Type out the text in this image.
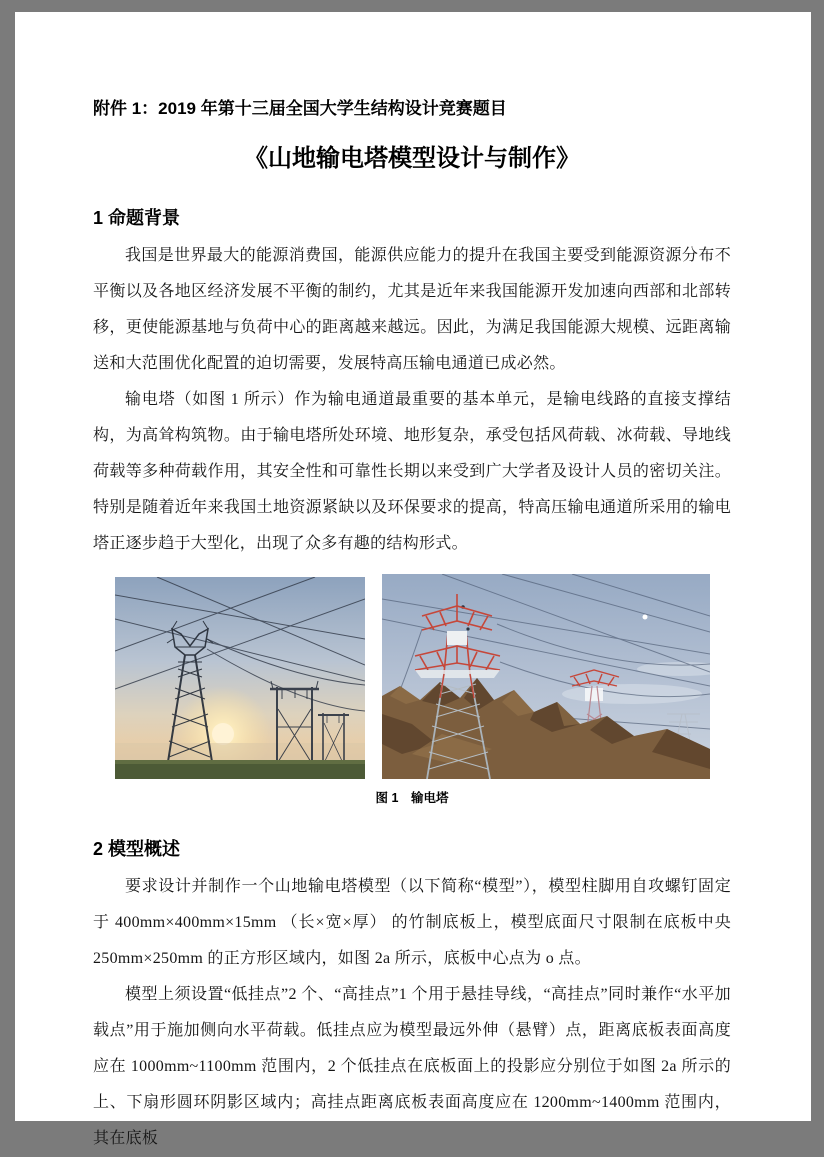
附件 1：2019 年第十三届全国大学生结构设计竞赛题目
《山地输电塔模型设计与制作》
1 命题背景

我国是世界最大的能源消费国，能源供应能力的提升在我国主要受到能源资源分布不平衡以及各地区经济发展不平衡的制约，尤其是近年来我国能源开发加速向西部和北部转移，更使能源基地与负荷中心的距离越来越远。因此，为满足我国能源大规模、远距离输送和大范围优化配置的迫切需要，发展特高压输电通道已成必然。

输电塔（如图 1 所示）作为输电通道最重要的基本单元，是输电线路的直接支撑结构，为高耸构筑物。由于输电塔所处环境、地形复杂，承受包括风荷载、冰荷载、导地线荷载等多种荷载作用，其安全性和可靠性长期以来受到广大学者及设计人员的密切关注。特别是随着近年来我国土地资源紧缺以及环保要求的提高，特高压输电通道所采用的输电塔正逐步趋于大型化，出现了众多有趣的结构形式。

图 1　输电塔
2 模型概述

要求设计并制作一个山地输电塔模型（以下简称“模型”），模型柱脚用自攻螺钉固定于 400mm×400mm×15mm （长×宽×厚） 的竹制底板上，模型底面尺寸限制在底板中央 250mm×250mm 的正方形区域内，如图 2a 所示，底板中心点为 o 点。

模型上须设置“低挂点”2 个、“高挂点”1 个用于悬挂导线，“高挂点”同时兼作“水平加载点”用于施加侧向水平荷载。低挂点应为模型最远外伸（悬臂）点，距离底板表面高度应在 1000mm~1100mm 范围内，2 个低挂点在底板面上的投影应分别位于如图 2a 所示的上、下扇形圆环阴影区域内；高挂点距离底板表面高度应在 1200mm~1400mm 范围内，其在底板
